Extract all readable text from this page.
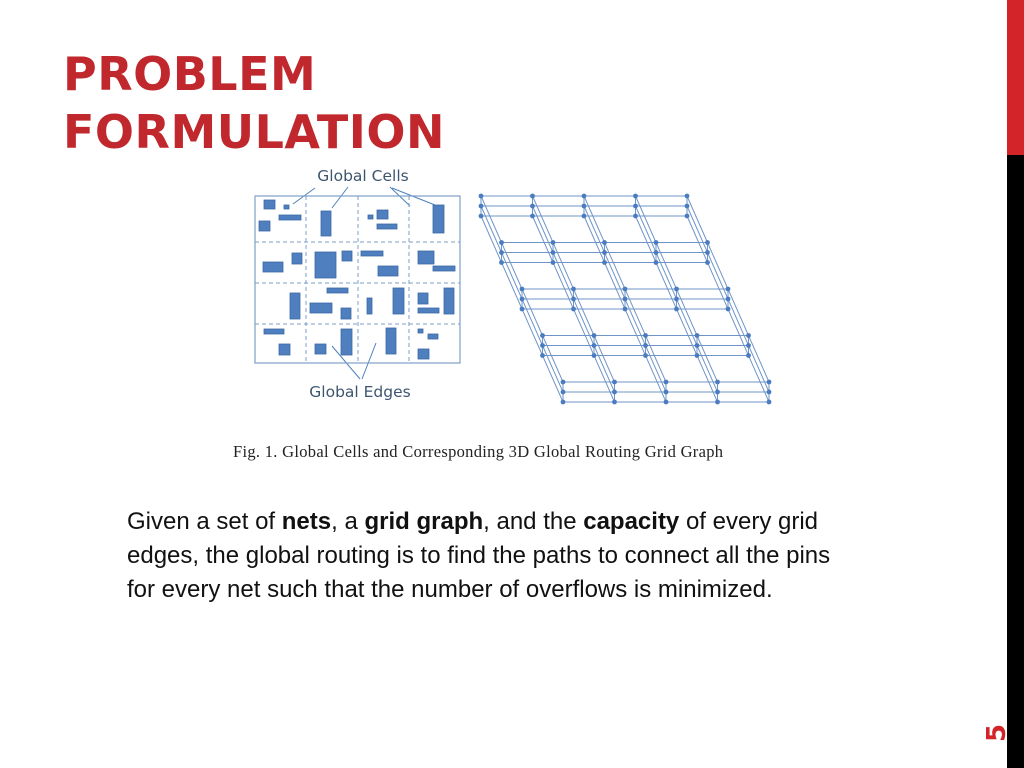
PROBLEM
FORMULATION
Global Cells
Global Edges

Fig. 1. Global Cells and Corresponding 3D Global Routing Grid Graph

Given a set of nets, a grid graph, and the capacity of every grid edges, the global routing is to find the paths to connect all the pins for every net such that the number of overflows is minimized.

5
